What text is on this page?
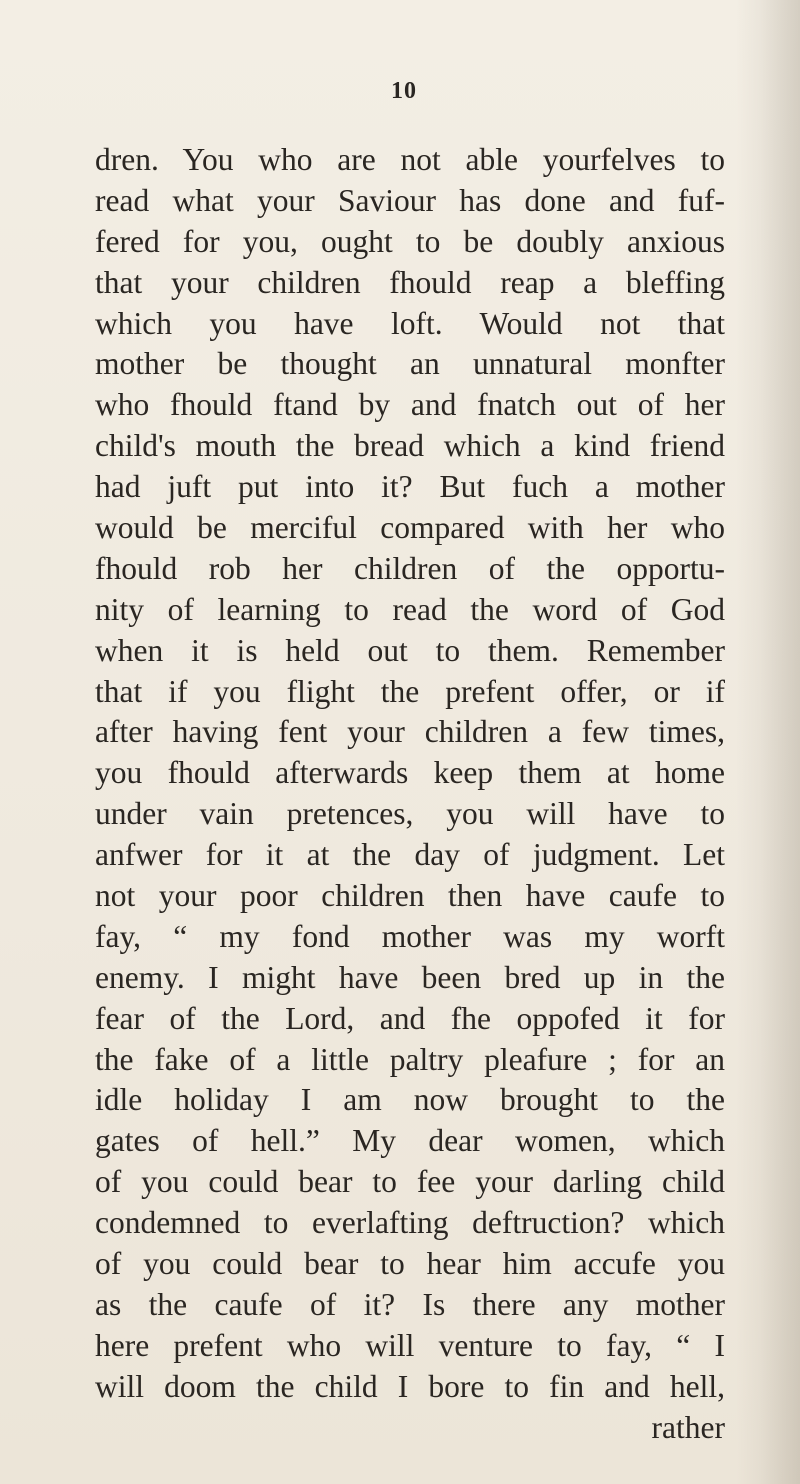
10
dren. You who are not able yourfelves to
read what your Saviour has done and fuf-
fered for you, ought to be doubly anxious
that your children fhould reap a bleffing
which you have loft. Would not that
mother be thought an unnatural monfter
who fhould ftand by and fnatch out of her
child's mouth the bread which a kind friend
had juft put into it? But fuch a mother
would be merciful compared with her who
fhould rob her children of the opportu-
nity of learning to read the word of God
when it is held out to them. Remember
that if you flight the prefent offer, or if
after having fent your children a few times,
you fhould afterwards keep them at home
under vain pretences, you will have to
anfwer for it at the day of judgment. Let
not your poor children then have caufe to
fay, “ my fond mother was my worft
enemy. I might have been bred up in the
fear of the Lord, and fhe oppofed it for
the fake of a little paltry pleafure ; for an
idle holiday I am now brought to the
gates of hell.” My dear women, which
of you could bear to fee your darling child
condemned to everlafting deftruction? which
of you could bear to hear him accufe you
as the caufe of it? Is there any mother
here prefent who will venture to fay, “ I
will doom the child I bore to fin and hell,
rather
